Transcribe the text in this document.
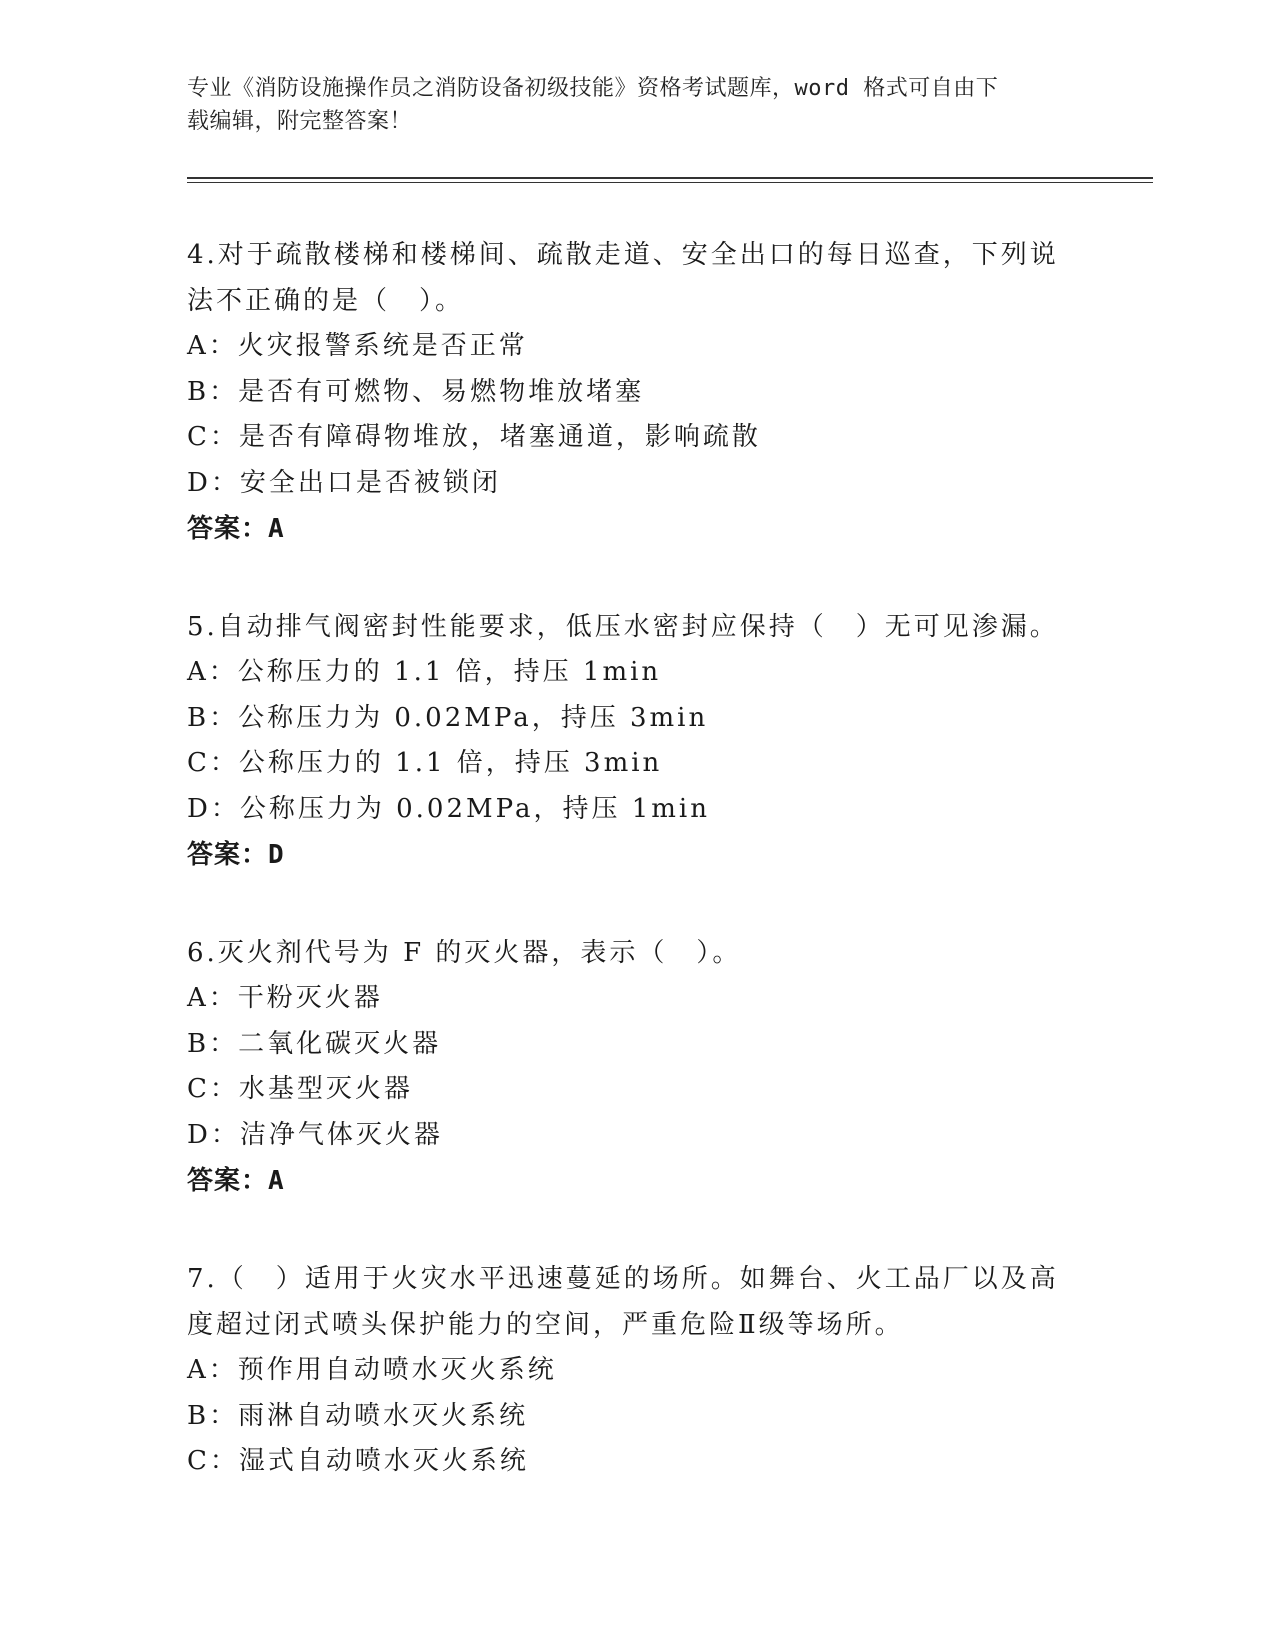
专业《消防设施操作员之消防设备初级技能》资格考试题库，word 格式可自由下
载编辑，附完整答案！

4.对于疏散楼梯和楼梯间、疏散走道、安全出口的每日巡查，下列说

法不正确的是（　）。

A：火灾报警系统是否正常

B：是否有可燃物、易燃物堆放堵塞

C：是否有障碍物堆放，堵塞通道，影响疏散

D：安全出口是否被锁闭

答案：A

5.自动排气阀密封性能要求，低压水密封应保持（　）无可见渗漏。

A：公称压力的 1.1 倍，持压 1min

B：公称压力为 0.02MPa，持压 3min

C：公称压力的 1.1 倍，持压 3min

D：公称压力为 0.02MPa，持压 1min

答案：D

6.灭火剂代号为 F 的灭火器，表示（　）。

A：干粉灭火器

B：二氧化碳灭火器

C：水基型灭火器

D：洁净气体灭火器

答案：A

7.（　）适用于火灾水平迅速蔓延的场所。如舞台、火工品厂以及高

度超过闭式喷头保护能力的空间，严重危险Ⅱ级等场所。

A：预作用自动喷水灭火系统

B：雨淋自动喷水灭火系统

C：湿式自动喷水灭火系统
